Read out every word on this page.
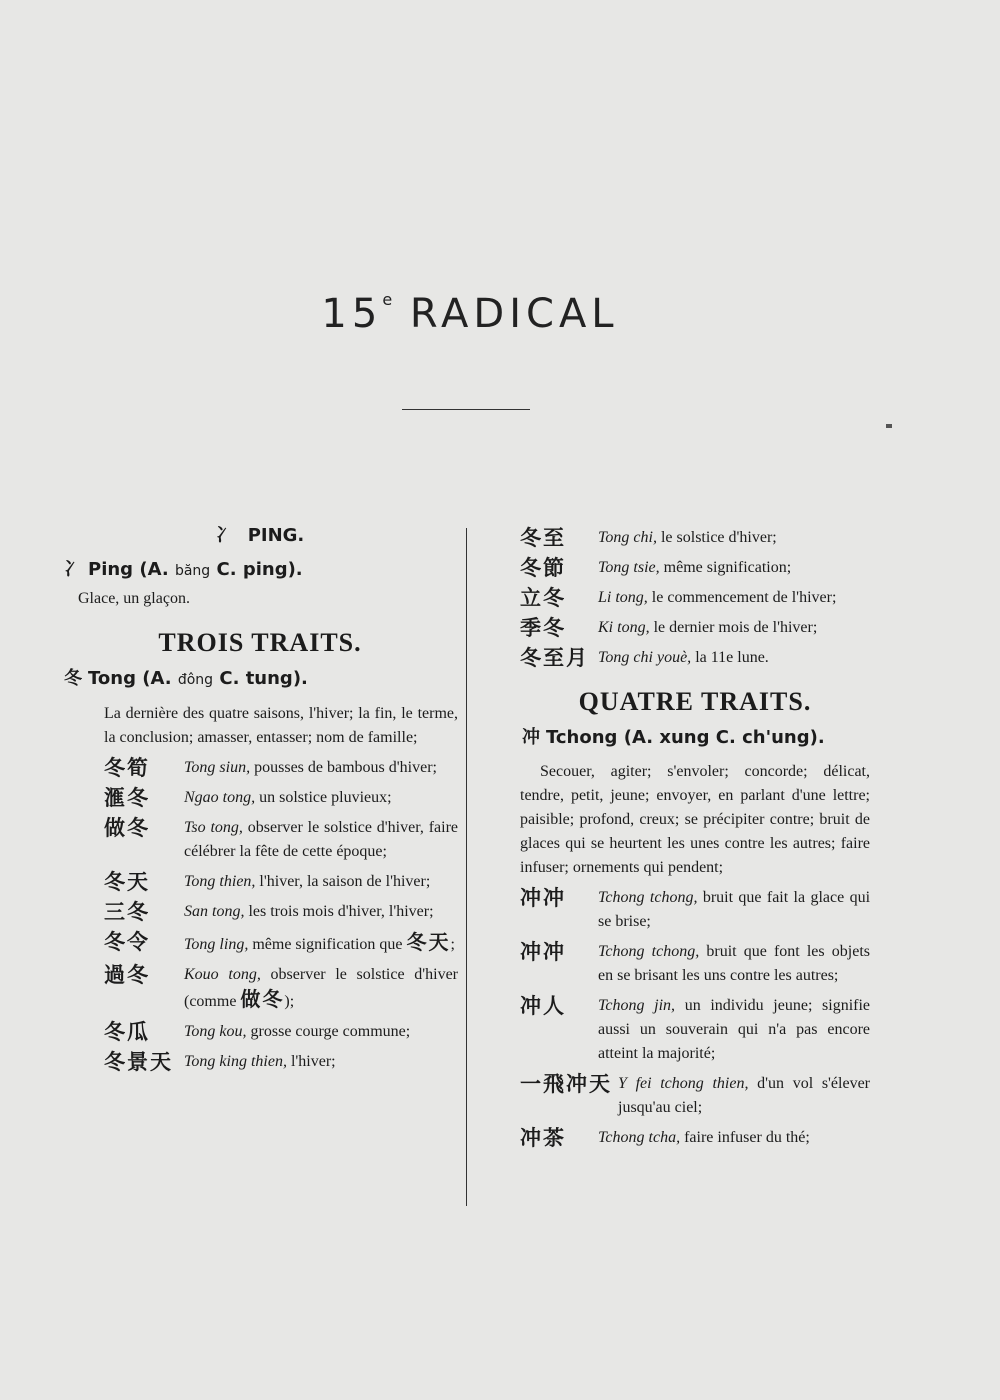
15e RADICAL
冫 PING.
冫 Ping (A. băng C. ping).
Glace, un glaçon.
TROIS TRAITS.
冬 Tong (A. đông C. tung).
La dernière des quatre saisons, l'hiver; la fin, le terme, la conclusion; amasser, entasser; nom de famille;
冬筍	Tong siun, pousses de bambous d'hiver;
滙冬	Ngao tong, un solstice pluvieux;
做冬	Tso tong, observer le solstice d'hiver, faire célébrer la fête de cette époque;
冬天	Tong thien, l'hiver, la saison de l'hiver;
三冬	San tong, les trois mois d'hiver, l'hiver;
冬令	Tong ling, même signification que 冬天;
過冬	Kouo tong, observer le solstice d'hiver (comme 做冬);
冬瓜	Tong kou, grosse courge commune;
冬景天 Tong king thien, l'hiver;
冬至	Tong chi, le solstice d'hiver;
冬節	Tong tsie, même signification;
立冬	Li tong, le commencement de l'hiver;
季冬	Ki tong, le dernier mois de l'hiver;
冬至月 Tong chi youè, la 11e lune.
QUATRE TRAITS.
冲 Tchong (A. xung C. ch'ung).
Secouer, agiter; s'envoler; concorde; délicat, tendre, petit, jeune; envoyer, en parlant d'une lettre; paisible; profond, creux; se précipiter contre; bruit de glaces qui se heurtent les unes contre les autres; faire infuser; ornements qui pendent;
冲冲	Tchong tchong, bruit que fait la glace qui se brise;
冲冲	Tchong tchong, bruit que font les objets en se brisant les uns contre les autres;
冲人	Tchong jin, un individu jeune; signifie aussi un souverain qui n'a pas encore atteint la majorité;
一飛冲天 Y fei tchong thien, d'un vol s'élever jusqu'au ciel;
冲茶	Tchong tcha, faire infuser du thé;
